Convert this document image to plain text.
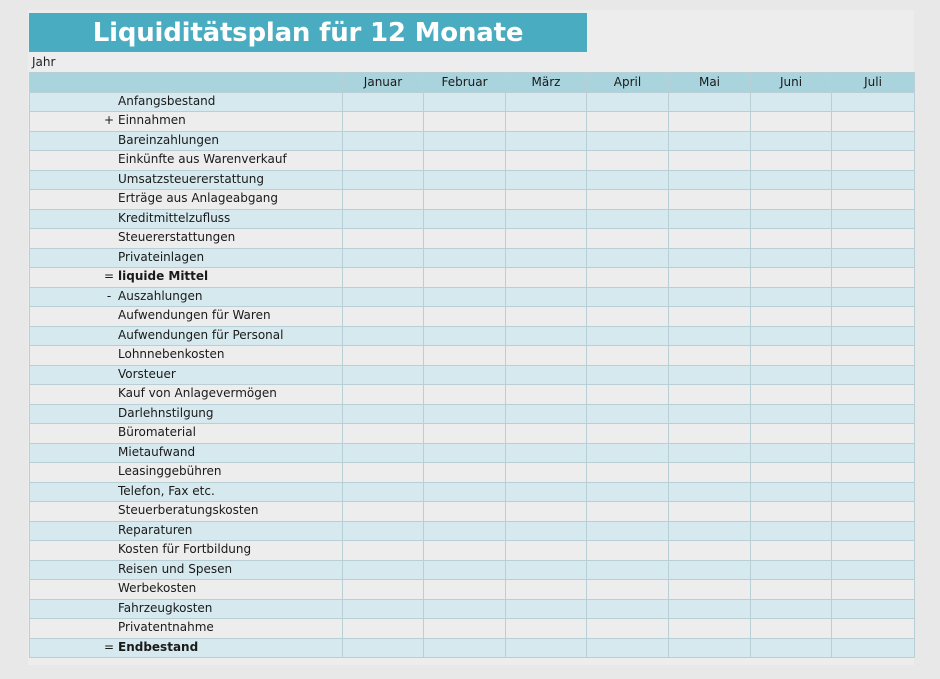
Liquiditätsplan für 12 Monate
Jahr
	Januar	Februar	März	April	Mai	Juni	Juli

Anfangsbestand							

+ Einnahmen							

Bareinzahlungen							

Einkünfte aus Warenverkauf							

Umsatzsteuererstattung							

Erträge aus Anlageabgang							

Kreditmittelzufluss							

Steuererstattungen							

Privateinlagen							

= liquide Mittel							

- Auszahlungen							

Aufwendungen für Waren							

Aufwendungen für Personal							

Lohnnebenkosten							

Vorsteuer							

Kauf von Anlagevermögen							

Darlehnstilgung							

Büromaterial							

Mietaufwand							

Leasinggebühren							

Telefon, Fax etc.							

Steuerberatungskosten							

Reparaturen							

Kosten für Fortbildung							

Reisen und Spesen							

Werbekosten							

Fahrzeugkosten							

Privatentnahme							

= Endbestand							
